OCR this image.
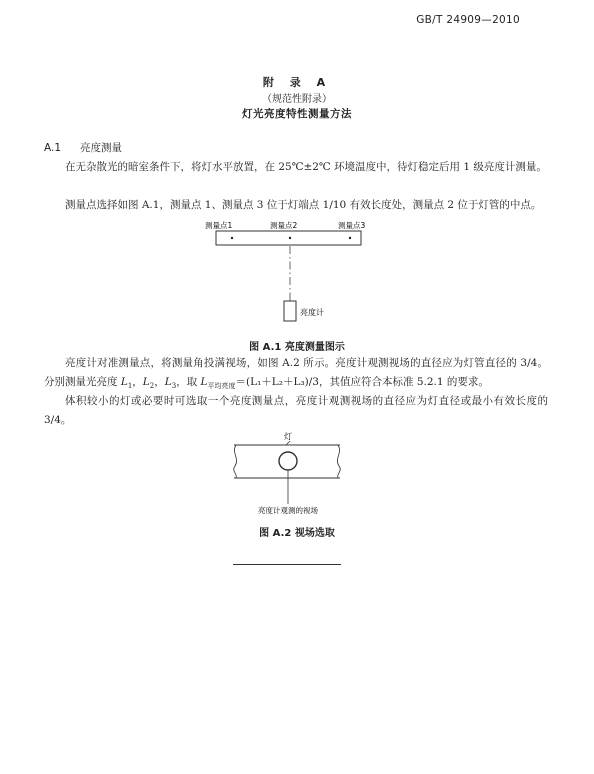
GB/T 24909—2010
附 录 A
（规范性附录）
灯光亮度特性测量方法
A.1 亮度测量
在无杂散光的暗室条件下，将灯水平放置，在 25℃±2℃ 环境温度中，待灯稳定后用 1 级亮度计测量。
测量点选择如图 A.1，测量点 1、测量点 3 位于灯端点 1/10 有效长度处，测量点 2 位于灯管的中点。
测量点1	测量点2	测量点3
亮度计
灯
亮度计观测的视场
图 A.1 亮度测量图示
亮度计对准测量点，将测量角投满视场，如图 A.2 所示。亮度计观测视场的直径应为灯管直径的 3/4。分别测量光亮度 $L_1$，$L_2$，$L_3$，取 $L_{平均亮度}=(L_1+L_2+L_3)/3$，其值应符合本标准 5.2.1 的要求。
体积较小的灯或必要时可选取一个亮度测量点，亮度计观测视场的直径应为灯直径或最小有效长度的 3/4。
图 A.2 视场选取
